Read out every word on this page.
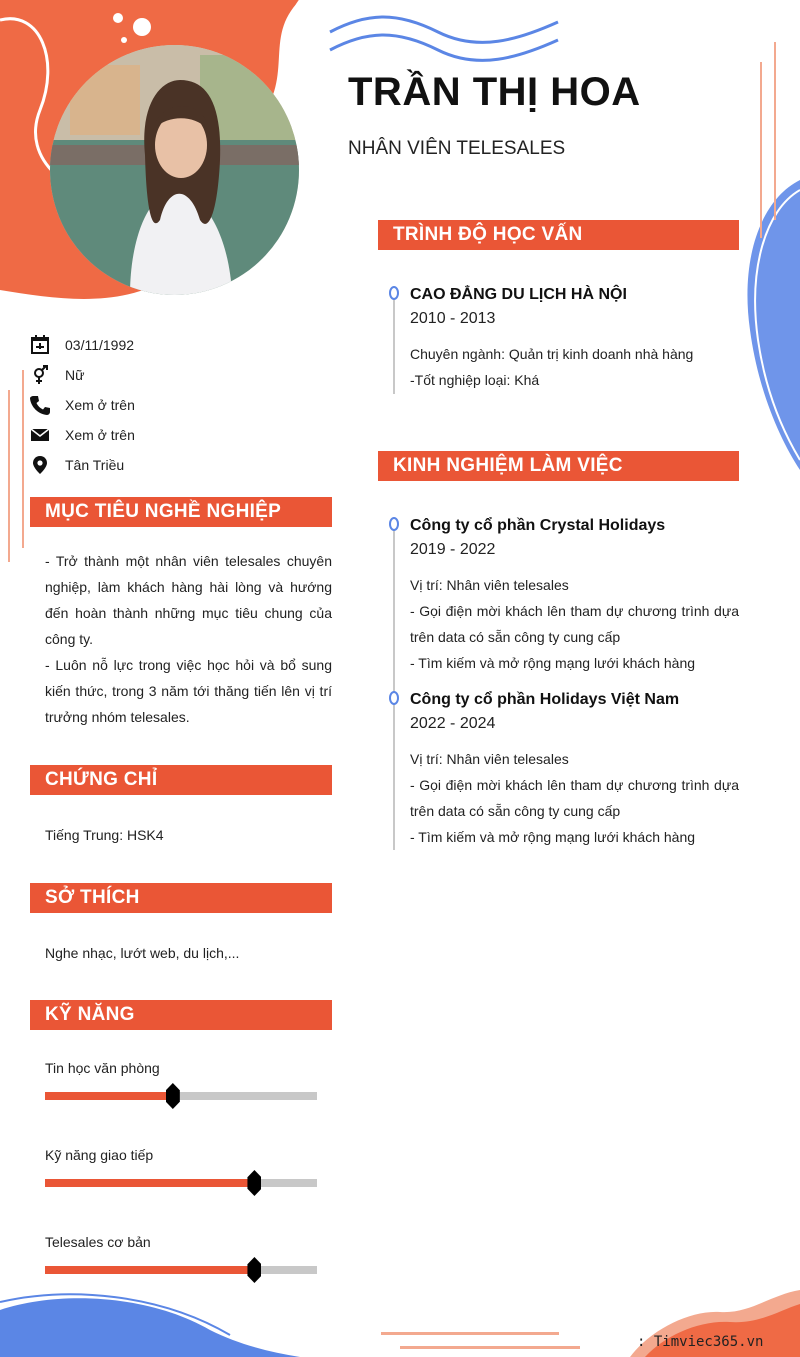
TRẦN THỊ HOA
NHÂN VIÊN TELESALES
03/11/1992
Nữ
Xem ở trên
Xem ở trên
Tân Triều
MỤC TIÊU NGHỀ NGHIỆP

- Trở thành một nhân viên telesales chuyên nghiệp, làm khách hàng hài lòng và hướng đến hoàn thành những mục tiêu chung của công ty.

- Luôn nỗ lực trong việc học hỏi và bổ sung kiến thức, trong 3 năm tới thăng tiến lên vị trí trưởng nhóm telesales.

CHỨNG CHỈ
Tiếng Trung: HSK4
SỞ THÍCH
Nghe nhạc, lướt web, du lịch,...
KỸ NĂNG
Tin học văn phòng
Kỹ năng giao tiếp
Telesales cơ bản
TRÌNH ĐỘ HỌC VẤN
CAO ĐẲNG DU LỊCH HÀ NỘI
2010 - 2013
Chuyên ngành: Quản trị kinh doanh nhà hàng
-Tốt nghiệp loại: Khá
KINH NGHIỆM LÀM VIỆC
Công ty cổ phần Crystal Holidays
2019 - 2022
Vị trí: Nhân viên telesales
- Gọi điện mời khách lên tham dự chương trình dựa trên data có sẵn công ty cung cấp
- Tìm kiếm và mở rộng mạng lưới khách hàng
Công ty cổ phần Holidays Việt Nam
2022 - 2024
Vị trí: Nhân viên telesales
- Gọi điện mời khách lên tham dự chương trình dựa trên data có sẵn công ty cung cấp
- Tìm kiếm và mở rộng mạng lưới khách hàng
: Timviec365.vn
